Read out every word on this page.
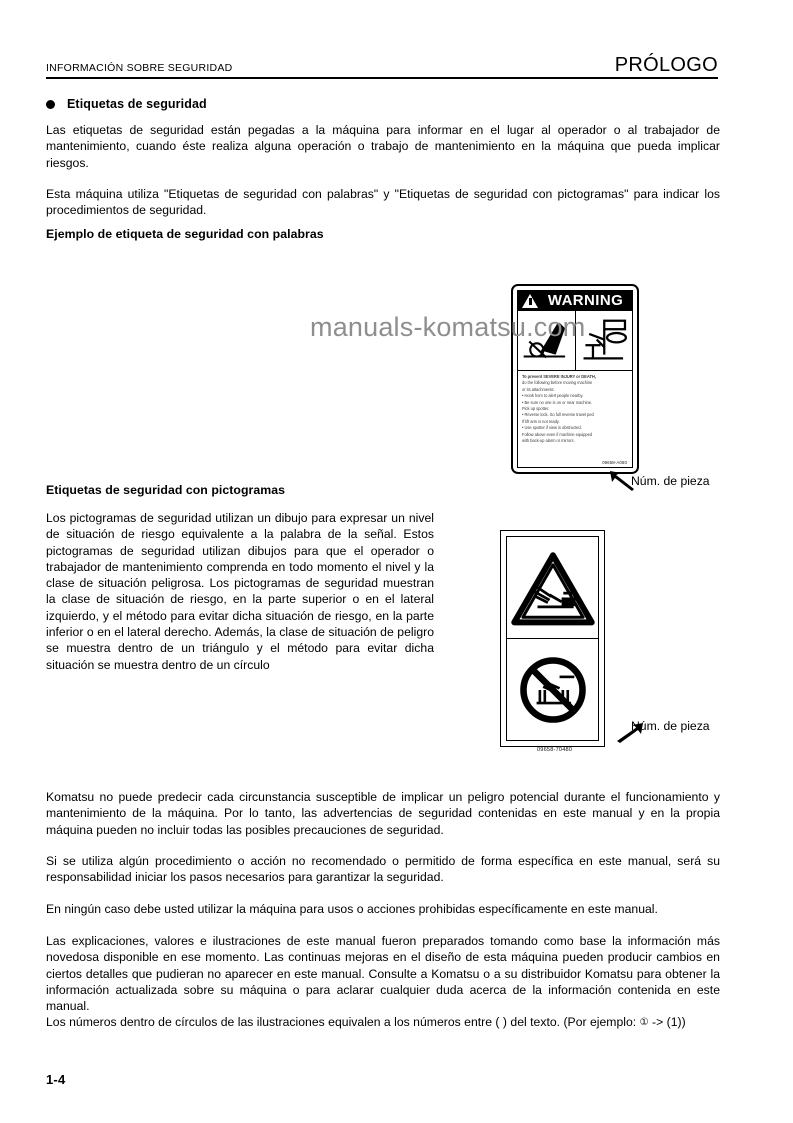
INFORMACIÓN SOBRE SEGURIDAD	PRÓLOGO
Etiquetas de seguridad
Las etiquetas de seguridad están pegadas a la máquina para informar en el lugar al operador o al trabajador de mantenimiento, cuando éste realiza alguna operación o trabajo de mantenimiento en la máquina que pueda implicar riesgos.
Esta máquina utiliza "Etiquetas de seguridad con palabras" y "Etiquetas de seguridad con pictogramas" para indicar los procedimientos de seguridad.
Ejemplo de etiqueta de seguridad con palabras
manuals-komatsu.com
WARNING
To prevent SEVERE INJURY or DEATH,
do the following before moving machine
or its attachments:
• Honk horn to alert people nearby.
• Be sure no one is on or near machine.
Pick up spotter.
• Reverse lock. So full reverse travel ped
If lift arm is not ready.
• Use spotter if view is obstructed.
Follow above even if machine equipped
with back-up alarm or mirrors.
09658-A060
Núm. de pieza
Etiquetas de seguridad con pictogramas
Los pictogramas de seguridad utilizan un dibujo para expresar un nivel de situación de riesgo equivalente a la palabra de la señal. Estos pictogramas de seguridad utilizan dibujos para que el operador o trabajador de mantenimiento comprenda en todo momento el nivel y la clase de situación peligrosa. Los pictogramas de seguridad muestran la clase de situación de riesgo, en la parte superior o en el lateral izquierdo, y el método para evitar dicha situación de riesgo, en la parte inferior o en el lateral derecho. Además, la clase de situación de peligro se muestra dentro de un triángulo y el método para evitar dicha situación se muestra dentro de un círculo
09658-70480
Núm. de pieza
Komatsu no puede predecir cada circunstancia susceptible de implicar un peligro potencial durante el funcionamiento y mantenimiento de la máquina. Por lo tanto, las advertencias de seguridad contenidas en este manual y en la propia máquina pueden no incluir todas las posibles precauciones de seguridad.
Si se utiliza algún procedimiento o acción no recomendado o permitido de forma específica en este manual, será su responsabilidad iniciar los pasos necesarios para garantizar la seguridad.
En ningún caso debe usted utilizar la máquina para usos o acciones prohibidas específicamente en este manual.
Las explicaciones, valores e ilustraciones de este manual fueron preparados tomando como base la información más novedosa disponible en ese momento. Las continuas mejoras en el diseño de esta máquina pueden producir cambios en ciertos detalles que pudieran no aparecer en este manual. Consulte a Komatsu o a su distribuidor Komatsu para obtener la información actualizada sobre su máquina o para aclarar cualquier duda acerca de la información contenida en este manual.
Los números dentro de círculos de las ilustraciones equivalen a los números entre ( ) del texto. (Por ejemplo: ① -> (1))
1-4
